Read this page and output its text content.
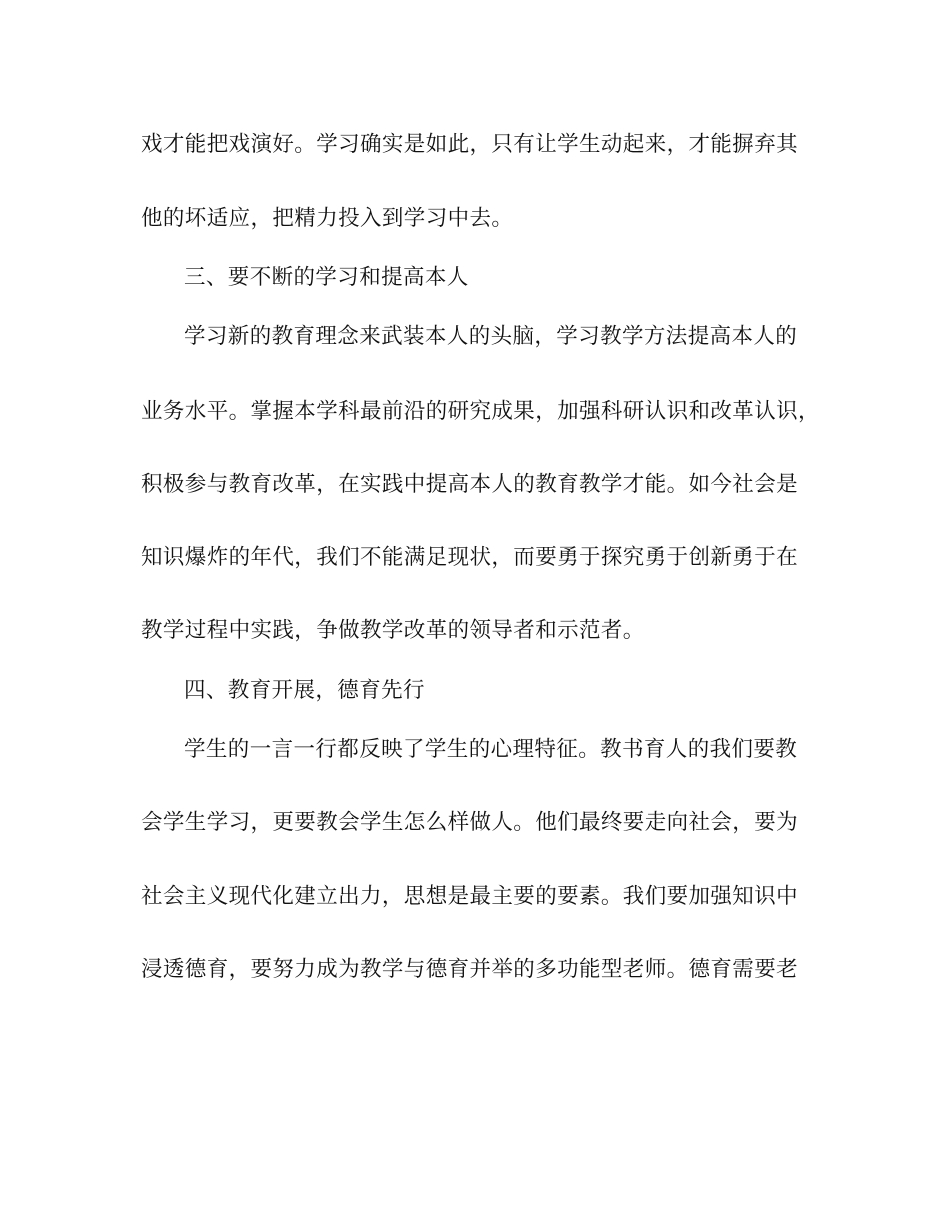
戏才能把戏演好。学习确实是如此，只有让学生动起来，才能摒弃其
他的坏适应，把精力投入到学习中去。
三、要不断的学习和提高本人
学习新的教育理念来武装本人的头脑，学习教学方法提高本人的
业务水平。掌握本学科最前沿的研究成果，加强科研认识和改革认识，
积极参与教育改革，在实践中提高本人的教育教学才能。如今社会是
知识爆炸的年代，我们不能满足现状，而要勇于探究勇于创新勇于在
教学过程中实践，争做教学改革的领导者和示范者。
四、教育开展，德育先行
学生的一言一行都反映了学生的心理特征。教书育人的我们要教
会学生学习，更要教会学生怎么样做人。他们最终要走向社会，要为
社会主义现代化建立出力，思想是最主要的要素。我们要加强知识中
浸透德育，要努力成为教学与德育并举的多功能型老师。德育需要老
